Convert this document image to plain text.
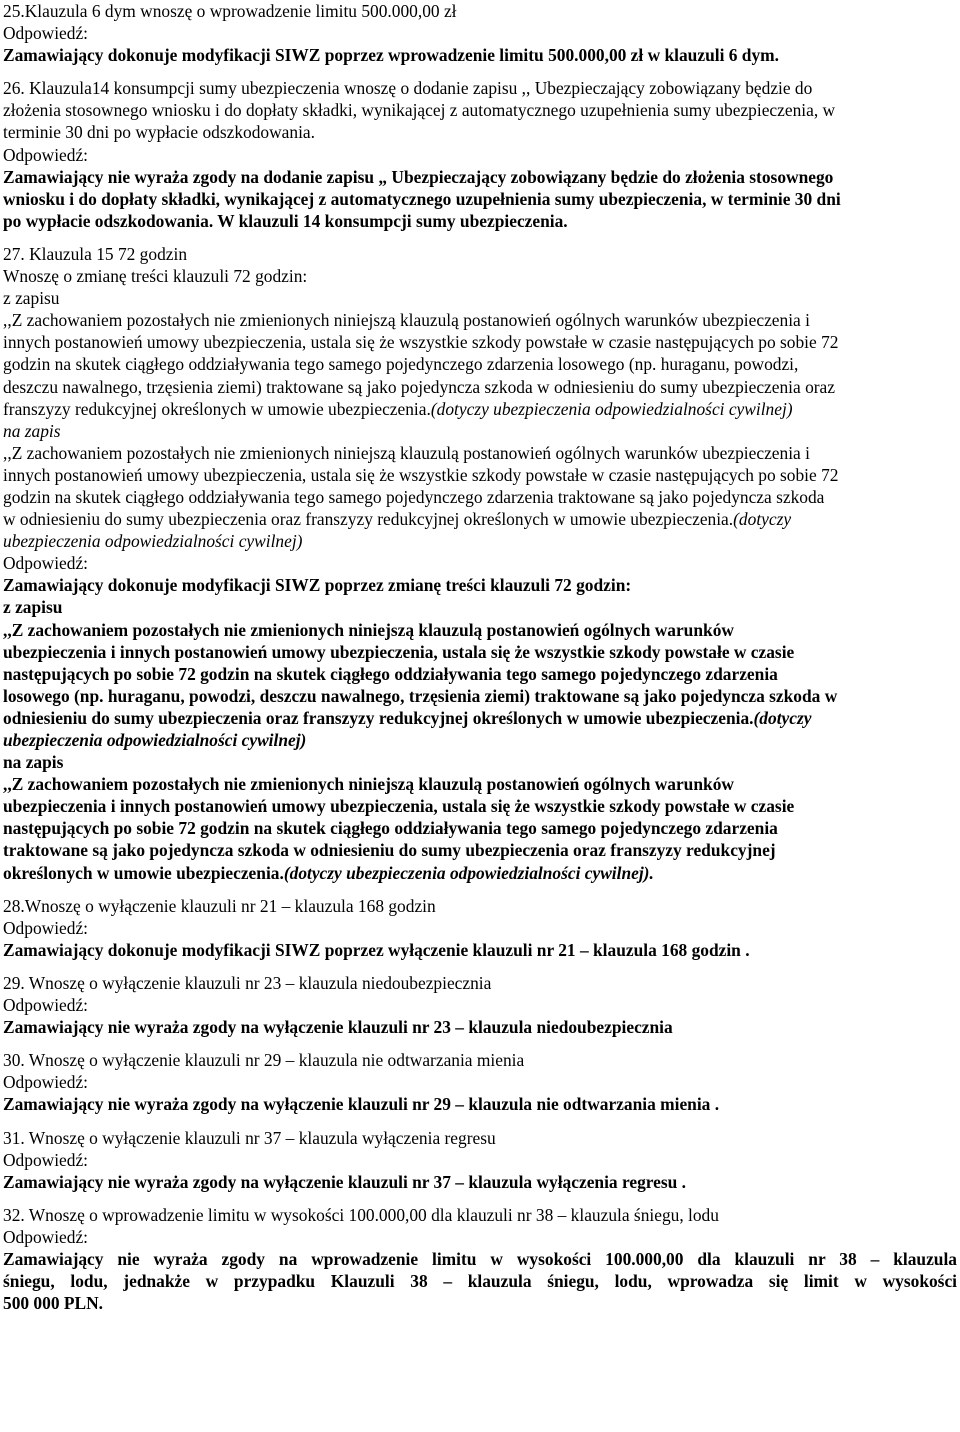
25.Klauzula 6 dym wnoszę o wprowadzenie limitu 500.000,00 zł
Odpowiedź:
Zamawiający dokonuje modyfikacji SIWZ poprzez wprowadzenie limitu 500.000,00 zł w klauzuli 6 dym.
26. Klauzula14 konsumpcji sumy ubezpieczenia wnoszę o dodanie zapisu ,, Ubezpieczający zobowiązany będzie do
złożenia stosownego wniosku i do dopłaty składki, wynikającej z automatycznego uzupełnienia sumy ubezpieczenia, w
terminie 30 dni po wypłacie odszkodowania.
Odpowiedź:
Zamawiający nie wyraża zgody na dodanie zapisu „ Ubezpieczający zobowiązany będzie do złożenia stosownego
wniosku i do dopłaty składki, wynikającej z automatycznego uzupełnienia sumy ubezpieczenia, w terminie 30 dni
po wypłacie odszkodowania. W klauzuli 14 konsumpcji sumy ubezpieczenia.
27. Klauzula 15 72 godzin
Wnoszę o zmianę treści klauzuli 72 godzin:
z zapisu
,,Z zachowaniem pozostałych nie zmienionych niniejszą klauzulą postanowień ogólnych warunków ubezpieczenia i
innych postanowień umowy ubezpieczenia, ustala się że wszystkie szkody powstałe w czasie następujących po sobie 72
godzin na skutek ciągłego oddziaływania tego samego pojedynczego zdarzenia losowego (np. huraganu, powodzi,
deszczu nawalnego, trzęsienia ziemi) traktowane są jako pojedyncza szkoda w odniesieniu do sumy ubezpieczenia oraz
franszyzy redukcyjnej określonych w umowie ubezpieczenia.(dotyczy ubezpieczenia odpowiedzialności cywilnej)
na zapis
,,Z zachowaniem pozostałych nie zmienionych niniejszą klauzulą postanowień ogólnych warunków ubezpieczenia i
innych postanowień umowy ubezpieczenia, ustala się że wszystkie szkody powstałe w czasie następujących po sobie 72
godzin na skutek ciągłego oddziaływania tego samego pojedynczego zdarzenia traktowane są jako pojedyncza szkoda
w odniesieniu do sumy ubezpieczenia oraz franszyzy redukcyjnej określonych w umowie ubezpieczenia.(dotyczy
ubezpieczenia odpowiedzialności cywilnej)
Odpowiedź:
Zamawiający dokonuje modyfikacji SIWZ poprzez zmianę treści klauzuli 72 godzin:
z zapisu
,,Z zachowaniem pozostałych nie zmienionych niniejszą klauzulą postanowień ogólnych warunków
ubezpieczenia i innych postanowień umowy ubezpieczenia, ustala się że wszystkie szkody powstałe w czasie
następujących po sobie 72 godzin na skutek ciągłego oddziaływania tego samego pojedynczego zdarzenia
losowego (np. huraganu, powodzi, deszczu nawalnego, trzęsienia ziemi) traktowane są jako pojedyncza szkoda w
odniesieniu do sumy ubezpieczenia oraz franszyzy redukcyjnej określonych w umowie ubezpieczenia.(dotyczy
ubezpieczenia odpowiedzialności cywilnej)
na zapis
,,Z zachowaniem pozostałych nie zmienionych niniejszą klauzulą postanowień ogólnych warunków
ubezpieczenia i innych postanowień umowy ubezpieczenia, ustala się że wszystkie szkody powstałe w czasie
następujących po sobie 72 godzin na skutek ciągłego oddziaływania tego samego pojedynczego zdarzenia
traktowane są jako pojedyncza szkoda w odniesieniu do sumy ubezpieczenia oraz franszyzy redukcyjnej
określonych w umowie ubezpieczenia.(dotyczy ubezpieczenia odpowiedzialności cywilnej).
28.Wnoszę o wyłączenie klauzuli nr 21 – klauzula 168 godzin
Odpowiedź:
Zamawiający dokonuje modyfikacji SIWZ poprzez wyłączenie klauzuli nr 21 – klauzula 168 godzin .
29. Wnoszę o wyłączenie klauzuli nr 23 – klauzula niedoubezpiecznia
Odpowiedź:
Zamawiający nie wyraża zgody na wyłączenie klauzuli nr 23 – klauzula niedoubezpiecznia
30. Wnoszę o wyłączenie klauzuli nr 29 – klauzula nie odtwarzania mienia
Odpowiedź:
Zamawiający nie wyraża zgody na wyłączenie klauzuli nr 29 – klauzula nie odtwarzania mienia .
31. Wnoszę o wyłączenie klauzuli nr 37 – klauzula wyłączenia regresu
Odpowiedź:
Zamawiający nie wyraża zgody na wyłączenie klauzuli nr 37 – klauzula wyłączenia regresu .
32. Wnoszę o wprowadzenie limitu w wysokości 100.000,00 dla klauzuli nr 38 – klauzula śniegu, lodu
Odpowiedź:
Zamawiający nie wyraża zgody na wprowadzenie limitu w wysokości 100.000,00 dla klauzuli nr 38 – klauzula
śniegu, lodu, jednakże w przypadku Klauzuli 38 – klauzula śniegu, lodu, wprowadza się limit w wysokości
500 000 PLN.
